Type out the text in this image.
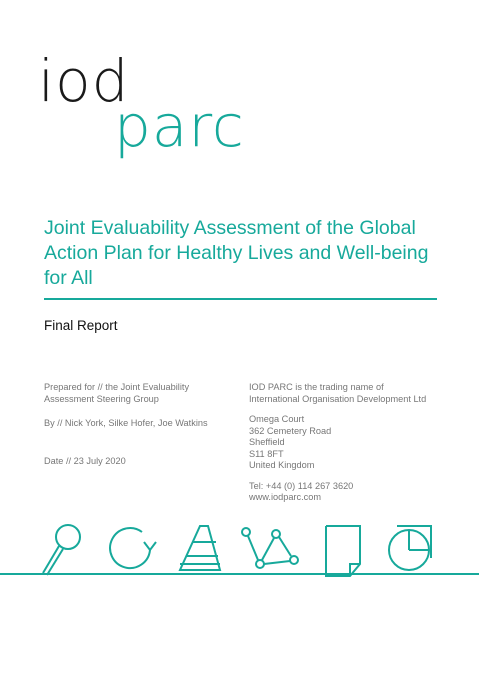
iod
parc
Joint Evaluability Assessment of the Global Action Plan for Healthy Lives and Well-being for All
Final Report

Prepared for // the Joint Evaluability

Assessment Steering Group

By // Nick York, Silke Hofer, Joe Watkins

Date // 23 July 2020

IOD PARC is the trading name of

International Organisation Development Ltd

Omega Court

362 Cemetery Road

Sheffield

S11 8FT

United Kingdom

Tel: +44 (0) 114 267 3620

www.iodparc.com
